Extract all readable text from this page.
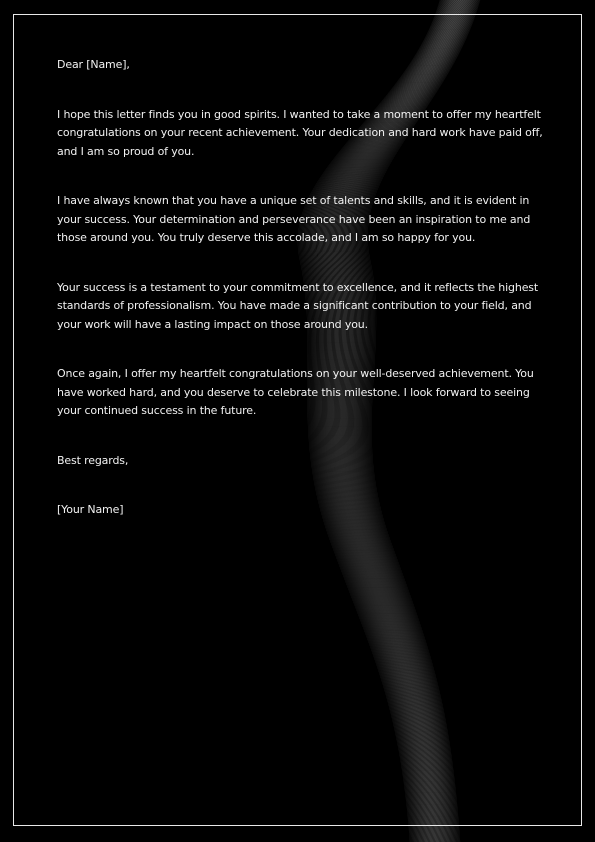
Dear [Name],

I hope this letter finds you in good spirits. I wanted to take a moment to offer my heartfelt congratulations on your recent achievement. Your dedication and hard work have paid off, and I am so proud of you.

I have always known that you have a unique set of talents and skills, and it is evident in your success. Your determination and perseverance have been an inspiration to me and those around you. You truly deserve this accolade, and I am so happy for you.

Your success is a testament to your commitment to excellence, and it reflects the highest standards of professionalism. You have made a significant contribution to your field, and your work will have a lasting impact on those around you.

Once again, I offer my heartfelt congratulations on your well-deserved achievement. You have worked hard, and you deserve to celebrate this milestone. I look forward to seeing your continued success in the future.

Best regards,

[Your Name]
